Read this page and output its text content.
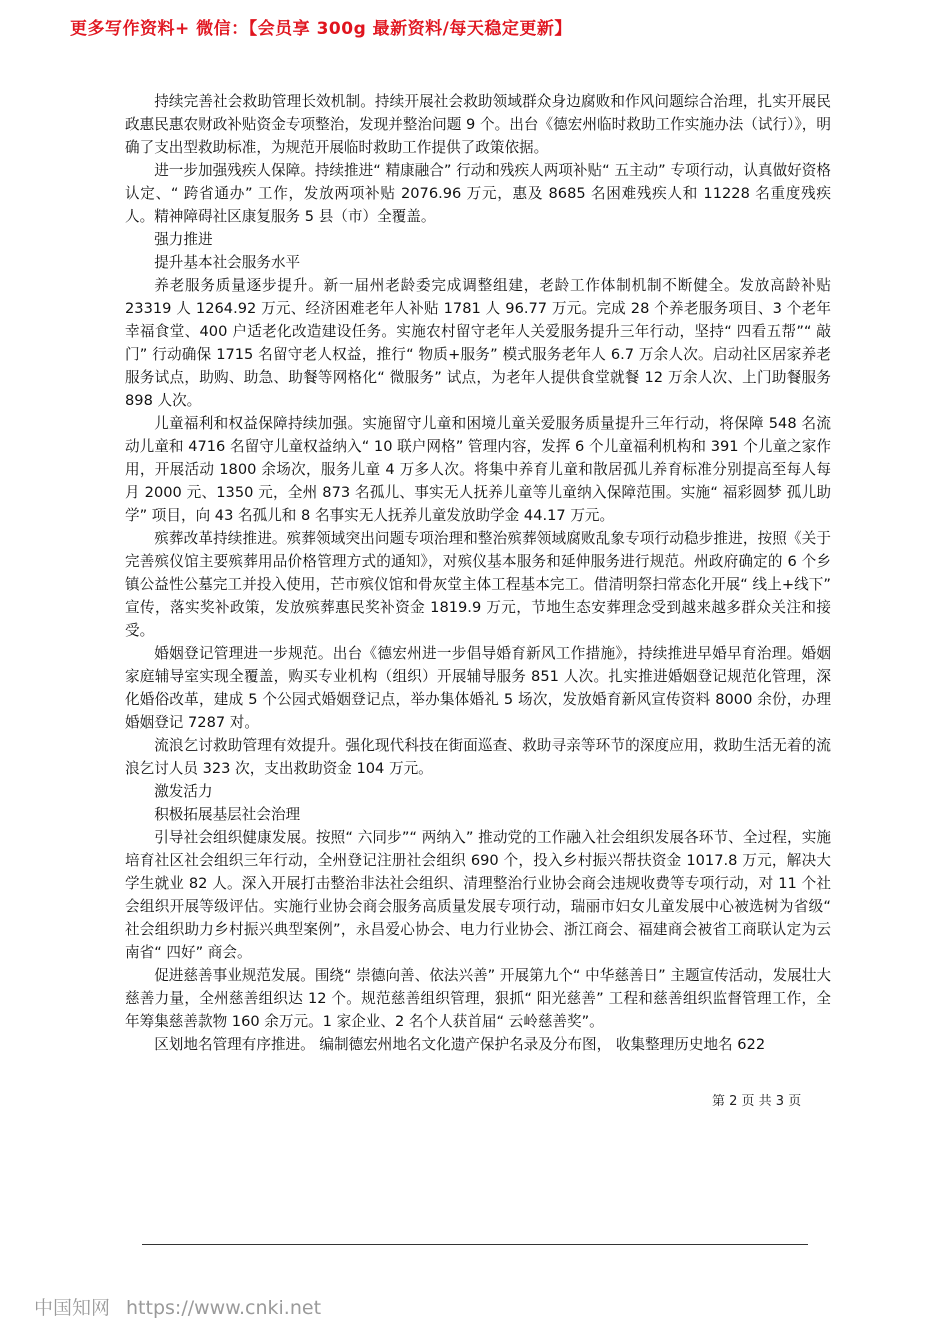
更多写作资料+ 微信：【会员享 300g 最新资料/每天稳定更新】

持续完善社会救助管理长效机制。持续开展社会救助领域群众身边腐败和作风问题综合治理，扎实开展民政惠民惠农财政补贴资金专项整治，发现并整治问题 9 个。出台《德宏州临时救助工作实施办法（试行）》，明确了支出型救助标准，为规范开展临时救助工作提供了政策依据。

进一步加强残疾人保障。持续推进“ 精康融合” 行动和残疾人两项补贴“ 五主动” 专项行动，认真做好资格认定、“ 跨省通办” 工作，发放两项补贴 2076.96 万元，惠及 8685 名困难残疾人和 11228 名重度残疾人。精神障碍社区康复服务 5 县（市）全覆盖。

强力推进

提升基本社会服务水平

养老服务质量逐步提升。新一届州老龄委完成调整组建，老龄工作体制机制不断健全。发放高龄补贴 23319 人 1264.92 万元、经济困难老年人补贴 1781 人 96.77 万元。完成 28 个养老服务项目、3 个老年幸福食堂、400 户适老化改造建设任务。实施农村留守老年人关爱服务提升三年行动，坚持“ 四看五帮”“ 敲门” 行动确保 1715 名留守老人权益，推行“ 物质+服务” 模式服务老年人 6.7 万余人次。启动社区居家养老服务试点，助购、助急、助餐等网格化“ 微服务” 试点，为老年人提供食堂就餐 12 万余人次、上门助餐服务 898 人次。

儿童福利和权益保障持续加强。实施留守儿童和困境儿童关爱服务质量提升三年行动，将保障 548 名流动儿童和 4716 名留守儿童权益纳入“ 10 联户网格” 管理内容，发挥 6 个儿童福利机构和 391 个儿童之家作用，开展活动 1800 余场次，服务儿童 4 万多人次。将集中养育儿童和散居孤儿养育标准分别提高至每人每月 2000 元、1350 元，全州 873 名孤儿、事实无人抚养儿童等儿童纳入保障范围。实施“ 福彩圆梦 孤儿助学” 项目，向 43 名孤儿和 8 名事实无人抚养儿童发放助学金 44.17 万元。

殡葬改革持续推进。殡葬领域突出问题专项治理和整治殡葬领域腐败乱象专项行动稳步推进，按照《关于完善殡仪馆主要殡葬用品价格管理方式的通知》，对殡仪基本服务和延伸服务进行规范。州政府确定的 6 个乡镇公益性公墓完工并投入使用，芒市殡仪馆和骨灰堂主体工程基本完工。借清明祭扫常态化开展“ 线上+线下” 宣传，落实奖补政策，发放殡葬惠民奖补资金 1819.9 万元，节地生态安葬理念受到越来越多群众关注和接受。

婚姻登记管理进一步规范。出台《德宏州进一步倡导婚育新风工作措施》，持续推进早婚早育治理。婚姻家庭辅导室实现全覆盖，购买专业机构（组织）开展辅导服务 851 人次。扎实推进婚姻登记规范化管理，深化婚俗改革，建成 5 个公园式婚姻登记点，举办集体婚礼 5 场次，发放婚育新风宣传资料 8000 余份，办理婚姻登记 7287 对。

流浪乞讨救助管理有效提升。强化现代科技在街面巡查、救助寻亲等环节的深度应用，救助生活无着的流浪乞讨人员 323 次，支出救助资金 104 万元。

激发活力

积极拓展基层社会治理

引导社会组织健康发展。按照“ 六同步”“ 两纳入” 推动党的工作融入社会组织发展各环节、全过程，实施培育社区社会组织三年行动，全州登记注册社会组织 690 个，投入乡村振兴帮扶资金 1017.8 万元，解决大学生就业 82 人。深入开展打击整治非法社会组织、清理整治行业协会商会违规收费等专项行动，对 11 个社会组织开展等级评估。实施行业协会商会服务高质量发展专项行动，瑞丽市妇女儿童发展中心被选树为省级“ 社会组织助力乡村振兴典型案例”，永昌爱心协会、电力行业协会、浙江商会、福建商会被省工商联认定为云南省“ 四好” 商会。

促进慈善事业规范发展。围绕“ 崇德向善、依法兴善” 开展第九个“ 中华慈善日” 主题宣传活动，发展壮大慈善力量，全州慈善组织达 12 个。规范慈善组织管理，狠抓“ 阳光慈善” 工程和慈善组织监督管理工作，全年筹集慈善款物 160 余万元。1 家企业、2 名个人获首届“ 云岭慈善奖”。

区划地名管理有序推进。 编制德宏州地名文化遗产保护名录及分布图， 收集整理历史地名 622

第 2 页 共 3 页
中国知网 https://www.cnki.net
